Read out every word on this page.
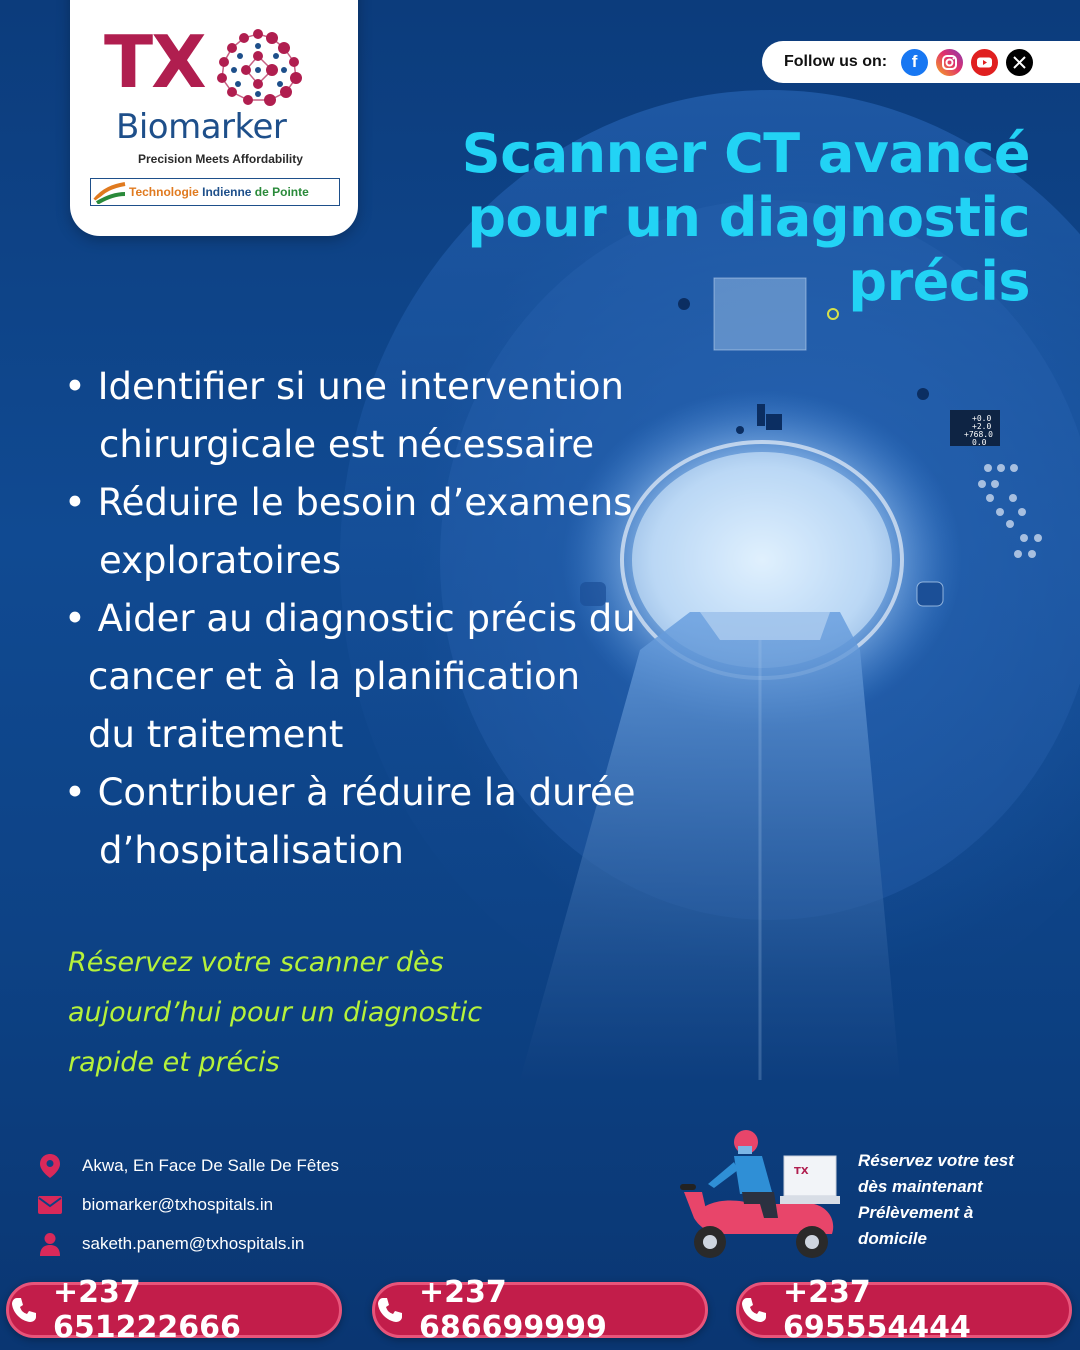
+0.0
+2.0
+768.0
0.0
TX
Biomarker
Precision Meets Affordability
Technologie Indienne de Pointe
Follow us on:	f
Scanner CT avancé
pour un diagnostic
précis
• Identifier si une intervention
chirurgicale est nécessaire
• Réduire le besoin d’examens
exploratoires
• Aider au diagnostic précis du
cancer et à la planification
du traitement
• Contribuer à réduire la durée
d’hospitalisation
Réservez votre scanner dès
aujourd’hui pour un diagnostic
rapide et précis
Akwa, En Face De Salle De Fêtes
biomarker@txhospitals.in
saketh.panem@txhospitals.in
TX
Réservez votre test
dès maintenant
Prélèvement à
domicile
+237 651222666
+237 686699999
+237 695554444
